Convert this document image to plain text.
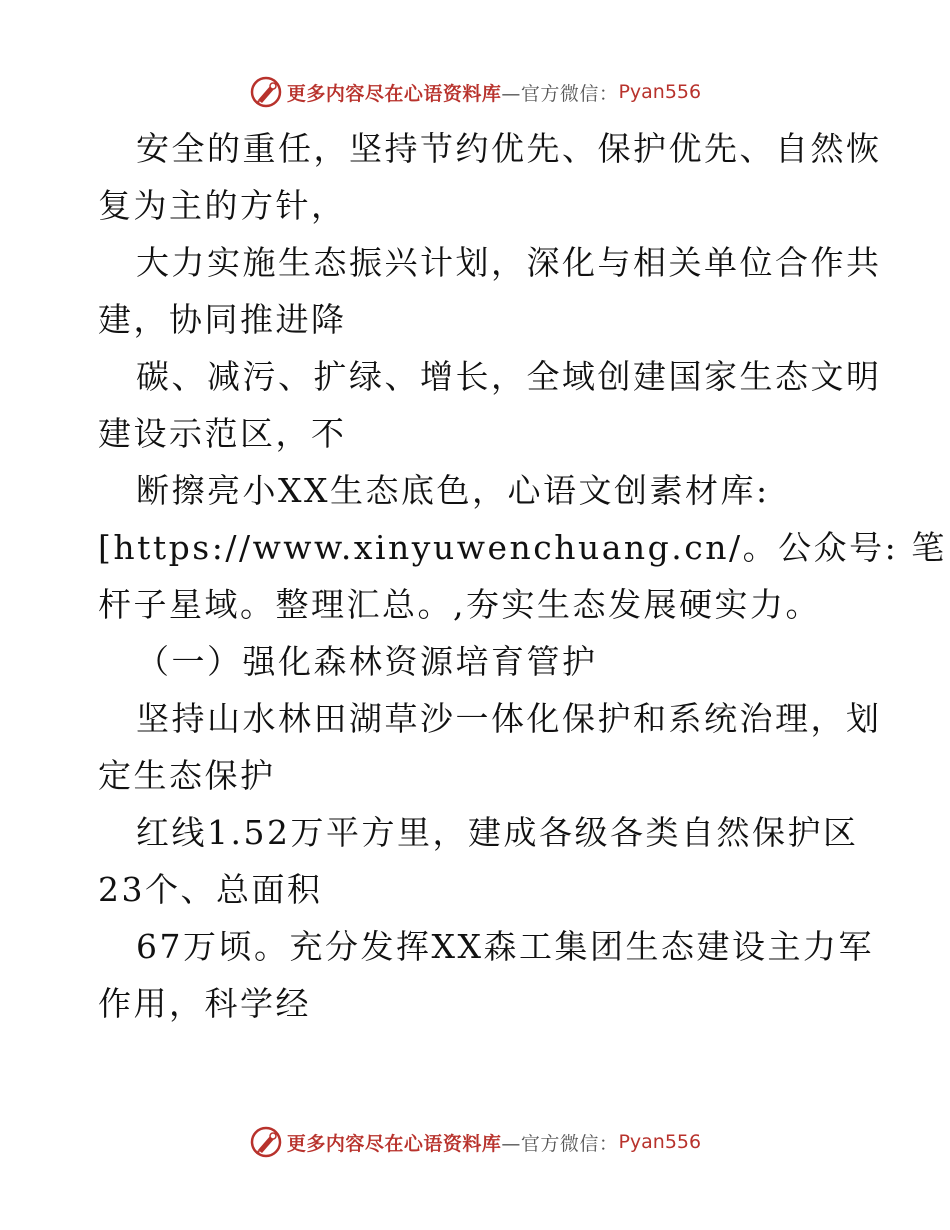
更多内容尽在心语资料库 —官方微信： Pyan556
安全的重任，坚持节约优先、保护优先、自然恢
复为主的方针，
大力实施生态振兴计划，深化与相关单位合作共
建，协同推进降
碳、减污、扩绿、增长，全域创建国家生态文明
建设示范区，不
断擦亮小XX生态底色，心语文创素材库:
[https://www.xinyuwenchuang.cn/。公众号: 笔
杆子星域。整理汇总。,夯实生态发展硬实力。
（一）强化森林资源培育管护
坚持山水林田湖草沙一体化保护和系统治理，划
定生态保护
红线1.52万平方里，建成各级各类自然保护区
23个、总面积
67万顷。充分发挥XX森工集团生态建设主力军
作用，科学经
更多内容尽在心语资料库 —官方微信： Pyan556
